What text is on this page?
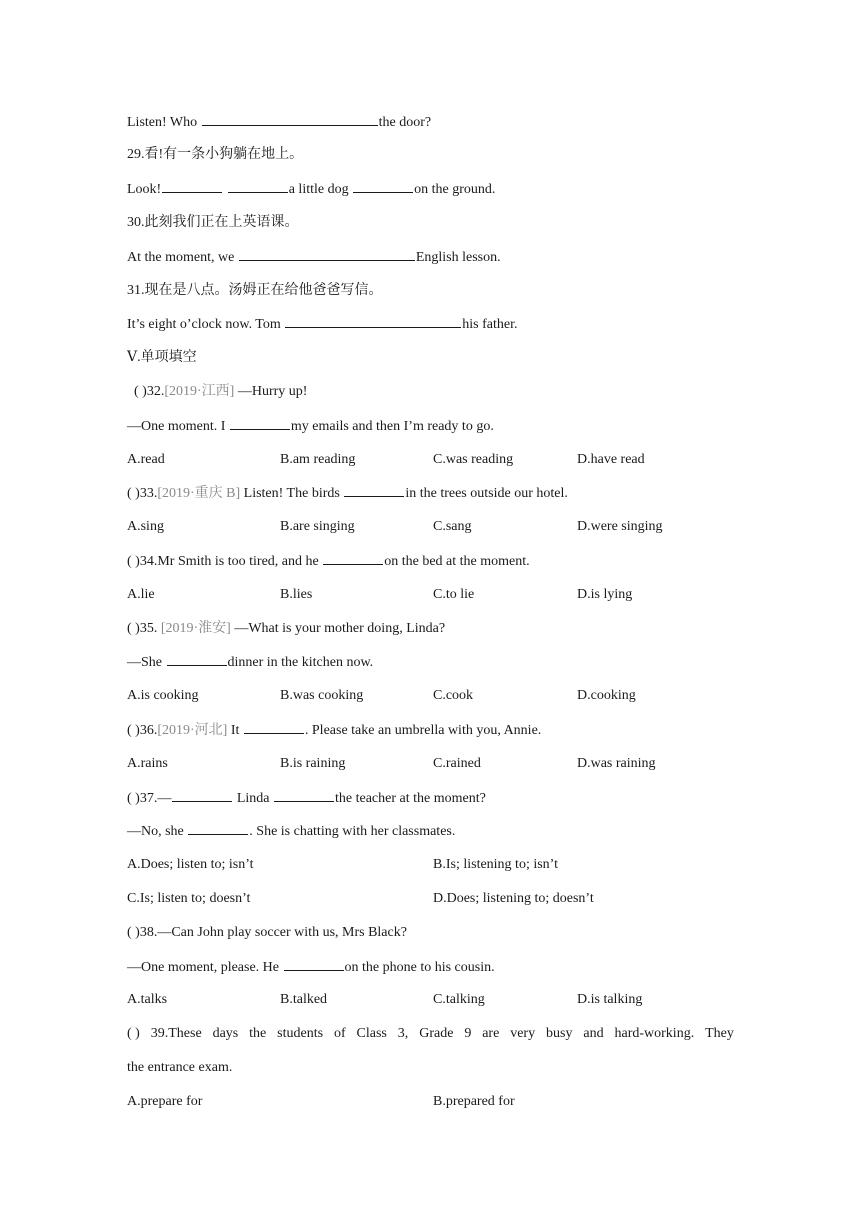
Listen! Who	the door?
29.看!有一条小狗躺在地上。
Look!	a little dog	on the ground.
30.此刻我们正在上英语课。
At the moment, we	English lesson.
31.现在是八点。汤姆正在给他爸爸写信。
It’s eight o’clock now. Tom	his father.
Ⅴ.单项填空
( )32.[2019·江西] —Hurry up!
—One moment. I	my emails and then I’m ready to go.
A.read	B.am reading	C.was reading	D.have read
( )33.[2019·重庆 B] Listen! The birds	in the trees outside our hotel.
A.sing	B.are singing	C.sang	D.were singing
( )34.Mr Smith is too tired, and he	on the bed at the moment.
A.lie	B.lies	C.to lie	D.is lying
( )35. [2019·淮安] —What is your mother doing, Linda?
—She	dinner in the kitchen now.
A.is cooking	B.was cooking	C.cook	D.cooking
( )36.[2019·河北] It	. Please take an umbrella with you, Annie.
A.rains	B.is raining	C.rained	D.was raining
( )37.—	Linda	the teacher at the moment?
—No, she	. She is chatting with her classmates.
A.Does; listen to; isn’t	B.Is; listening to; isn’t
C.Is; listen to; doesn’t	D.Does; listening to; doesn’t
( )38.—Can John play soccer with us, Mrs Black?
—One moment, please. He	on the phone to his cousin.
A.talks	B.talked	C.talking	D.is talking
( ) 39.These days the students of Class 3, Grade 9 are very busy and hard-working. They
the entrance exam.
A.prepare for	B.prepared for
